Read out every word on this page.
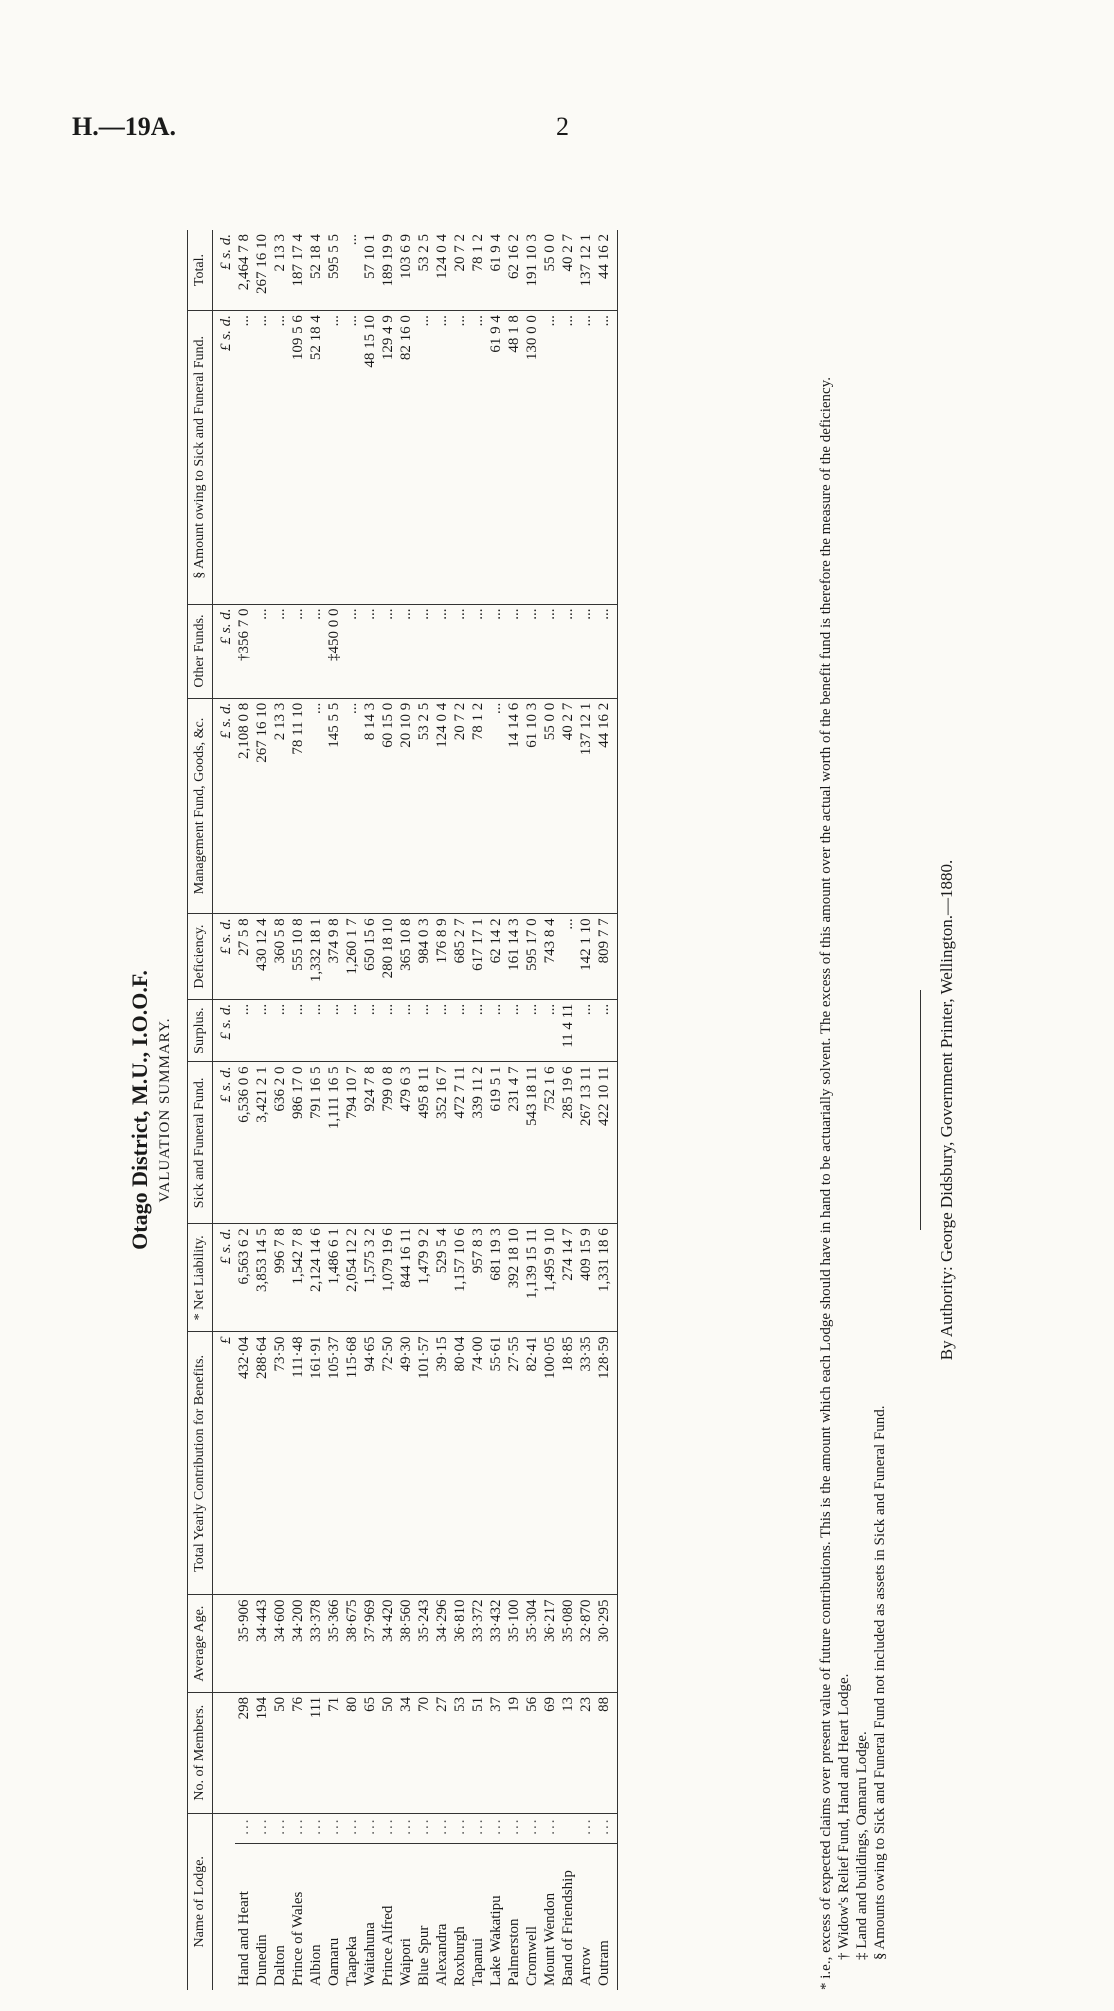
H.—19A.	2
Otago District, M.U., I.O.O.F. VALUATION SUMMARY.
Name of Lodge.		No. of Members.	Average Age.	Total Yearly Contribution for Benefits.	* Net Liability.	Sick and Funeral Fund.	Surplus.	Deficiency.	Management Fund, Goods, &c.	Other Funds.	§ Amount owing to Sick and Funeral Fund.	Total.
				£	£ s. d.	£ s. d.	£ s. d.	£ s. d.	£ s. d.	£ s. d.	£ s. d.	£ s. d.
Hand and Heart	...	298	35·906	432·04	6,563 6 2	6,536 0 6	...	27 5 8	2,108 0 8	†356 7 0	...	2,464 7 8
Dunedin	...	194	34·443	288·64	3,853 14 5	3,421 2 1	...	430 12 4	267 16 10	...	...	267 16 10
Dalton	...	50	34·600	73·50	996 7 8	636 2 0	...	360 5 8	2 13 3	...	...	2 13 3
Prince of Wales	...	76	34·200	111·48	1,542 7 8	986 17 0	...	555 10 8	78 11 10	...	109 5 6	187 17 4
Albion	...	111	33·378	161·91	2,124 14 6	791 16 5	...	1,332 18 1	...	...	52 18 4	52 18 4
Oamaru	...	71	35·366	105·37	1,486 6 1	1,111 16 5	...	374 9 8	145 5 5	‡450 0 0	...	595 5 5
Taapeka	...	80	38·675	115·68	2,054 12 2	794 10 7	...	1,260 1 7	...	...	...	...
Waitahuna	...	65	37·969	94·65	1,575 3 2	924 7 8	...	650 15 6	8 14 3	...	48 15 10	57 10 1
Prince Alfred	...	50	34·420	72·50	1,079 19 6	799 0 8	...	280 18 10	60 15 0	...	129 4 9	189 19 9
Waipori	...	34	38·560	49·30	844 16 11	479 6 3	...	365 10 8	20 10 9	...	82 16 0	103 6 9
Blue Spur	...	70	35·243	101·57	1,479 9 2	495 8 11	...	984 0 3	53 2 5	...	...	53 2 5
Alexandra	...	27	34·296	39·15	529 5 4	352 16 7	...	176 8 9	124 0 4	...	...	124 0 4
Roxburgh	...	53	36·810	80·04	1,157 10 6	472 7 11	...	685 2 7	20 7 2	...	...	20 7 2
Tapanui	...	51	33·372	74·00	957 8 3	339 11 2	...	617 17 1	78 1 2	...	...	78 1 2
Lake Wakatipu	...	37	33·432	55·61	681 19 3	619 5 1	...	62 14 2	...	...	61 9 4	61 9 4
Palmerston	...	19	35·100	27·55	392 18 10	231 4 7	...	161 14 3	14 14 6	...	48 1 8	62 16 2
Cromwell	...	56	35·304	82·41	1,139 15 11	543 18 11	...	595 17 0	61 10 3	...	130 0 0	191 10 3
Mount Wendon	...	69	36·217	100·05	1,495 9 10	752 1 6	...	743 8 4	55 0 0	...	...	55 0 0
Band of Friendship		13	35·080	18·85	274 14 7	285 19 6	11 4 11	...	40 2 7	...	...	40 2 7
Arrow	...	23	32·870	33·35	409 15 9	267 13 11	...	142 1 10	137 12 1	...	...	137 12 1
Outram	...	88	30·295	128·59	1,331 18 6	422 10 11	...	809 7 7	44 16 2	...	...	44 16 2

* i.e., excess of expected claims over present value of future contributions. This is the amount which each Lodge should have in hand to be actuarially solvent. The excess of this amount over the actual worth of the benefit fund is therefore the measure of the deficiency. † Widow's Relief Fund, Hand and Heart Lodge. ‡ Land and buildings, Oamaru Lodge. § Amounts owing to Sick and Funeral Fund not included as assets in Sick and Funeral Fund.

By Authority: George Didsbury, Government Printer, Wellington.—1880.
